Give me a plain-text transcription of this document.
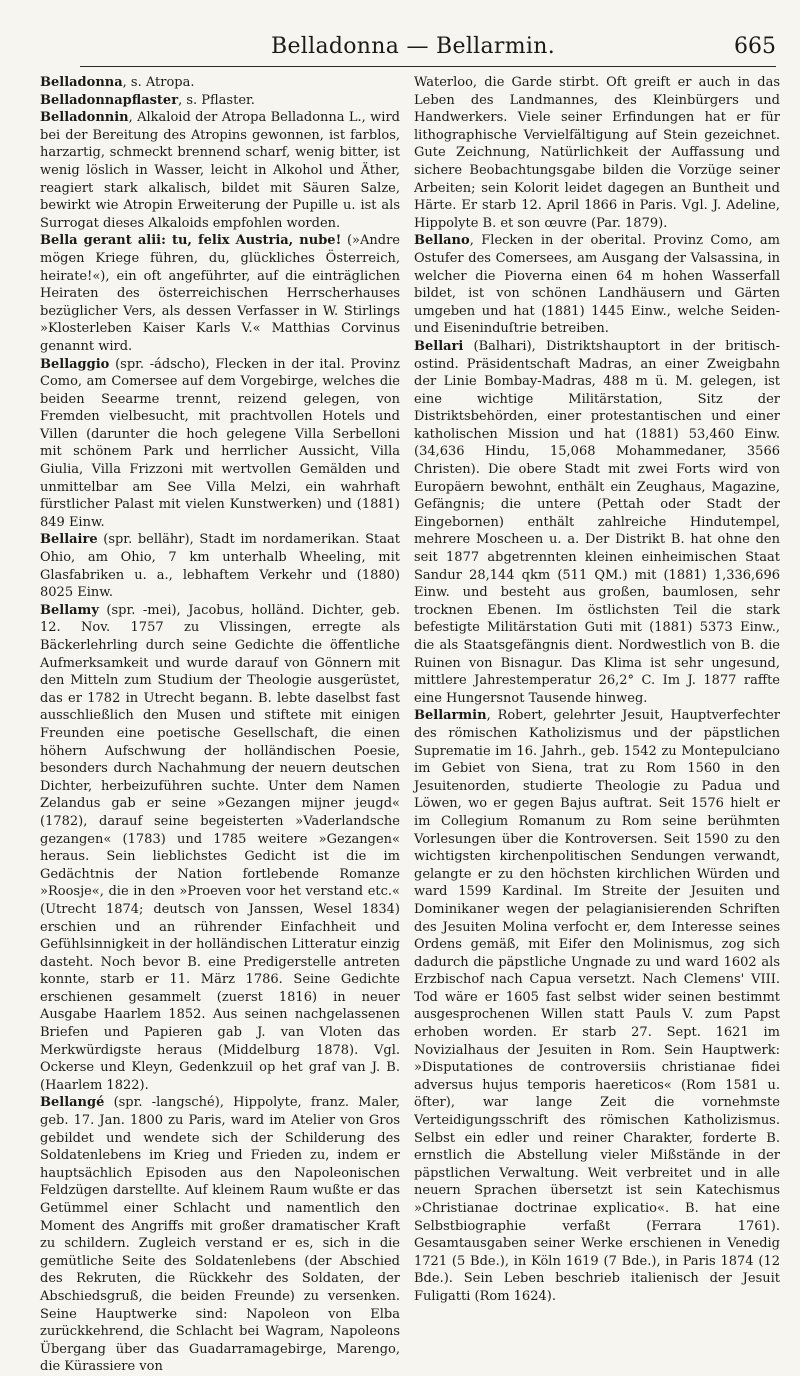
Belladonna — Bellarmin.	665

Belladonna, s. Atropa.

Belladonnapflaster, s. Pflaster.

Belladonnin, Alkaloid der Atropa Belladonna L., wird bei der Bereitung des Atropins gewonnen, ist farblos, harzartig, schmeckt brennend scharf, wenig bitter, ist wenig löslich in Wasser, leicht in Alkohol und Äther, reagiert stark alkalisch, bildet mit Säuren Salze, bewirkt wie Atropin Erweiterung der Pupille u. ist als Surrogat dieses Alkaloids empfohlen worden.

Bella gerant alii: tu, felix Austria, nube! (»Andre mögen Kriege führen, du, glückliches Österreich, heirate!«), ein oft angeführter, auf die einträglichen Heiraten des österreichischen Herrscherhauses bezüglicher Vers, als dessen Verfasser in W. Stirlings »Klosterleben Kaiser Karls V.« Matthias Corvinus genannt wird.

Bellaggio (spr. -ádscho), Flecken in der ital. Provinz Como, am Comersee auf dem Vorgebirge, welches die beiden Seearme trennt, reizend gelegen, von Fremden vielbesucht, mit prachtvollen Hotels und Villen (darunter die hoch gelegene Villa Serbelloni mit schönem Park und herrlicher Aussicht, Villa Giulia, Villa Frizzoni mit wertvollen Gemälden und unmittelbar am See Villa Melzi, ein wahrhaft fürstlicher Palast mit vielen Kunstwerken) und (1881) 849 Einw.

Bellaire (spr. bellähr), Stadt im nordamerikan. Staat Ohio, am Ohio, 7 km unterhalb Wheeling, mit Glasfabriken u. a., lebhaftem Verkehr und (1880) 8025 Einw.

Bellamy (spr. -mei), Jacobus, holländ. Dichter, geb. 12. Nov. 1757 zu Vlissingen, erregte als Bäckerlehrling durch seine Gedichte die öffentliche Aufmerksamkeit und wurde darauf von Gönnern mit den Mitteln zum Studium der Theologie ausgerüstet, das er 1782 in Utrecht begann. B. lebte daselbst fast ausschließlich den Musen und stiftete mit einigen Freunden eine poetische Gesellschaft, die einen höhern Aufschwung der holländischen Poesie, besonders durch Nachahmung der neuern deutschen Dichter, herbeizuführen suchte. Unter dem Namen Zelandus gab er seine »Gezangen mijner jeugd« (1782), darauf seine begeisterten »Vaderlandsche gezangen« (1783) und 1785 weitere »Gezangen« heraus. Sein lieblichstes Gedicht ist die im Gedächtnis der Nation fortlebende Romanze »Roosje«, die in den »Proeven voor het verstand etc.« (Utrecht 1874; deutsch von Janssen, Wesel 1834) erschien und an rührender Einfachheit und Gefühlsinnigkeit in der holländischen Litteratur einzig dasteht. Noch bevor B. eine Predigerstelle antreten konnte, starb er 11. März 1786. Seine Gedichte erschienen gesammelt (zuerst 1816) in neuer Ausgabe Haarlem 1852. Aus seinen nachgelassenen Briefen und Papieren gab J. van Vloten das Merkwürdigste heraus (Middelburg 1878). Vgl. Ockerse und Kleyn, Gedenkzuil op het graf van J. B. (Haarlem 1822).

Bellangé (spr. -langsché), Hippolyte, franz. Maler, geb. 17. Jan. 1800 zu Paris, ward im Atelier von Gros gebildet und wendete sich der Schilderung des Soldatenlebens im Krieg und Frieden zu, indem er hauptsächlich Episoden aus den Napoleonischen Feldzügen darstellte. Auf kleinem Raum wußte er das Getümmel einer Schlacht und namentlich den Moment des Angriffs mit großer dramatischer Kraft zu schildern. Zugleich verstand er es, sich in die gemütliche Seite des Soldatenlebens (der Abschied des Rekruten, die Rückkehr des Soldaten, der Abschiedsgruß, die beiden Freunde) zu versenken. Seine Hauptwerke sind: Napoleon von Elba zurückkehrend, die Schlacht bei Wagram, Napoleons Übergang über das Guadarramagebirge, Marengo, die Kürassiere von

Waterloo, die Garde stirbt. Oft greift er auch in das Leben des Landmannes, des Kleinbürgers und Handwerkers. Viele seiner Erfindungen hat er für lithographische Vervielfältigung auf Stein gezeichnet. Gute Zeichnung, Natürlichkeit der Auffassung und sichere Beobachtungsgabe bilden die Vorzüge seiner Arbeiten; sein Kolorit leidet dagegen an Buntheit und Härte. Er starb 12. April 1866 in Paris. Vgl. J. Adeline, Hippolyte B. et son œuvre (Par. 1879).

Bellano, Flecken in der oberital. Provinz Como, am Ostufer des Comersees, am Ausgang der Valsassina, in welcher die Pioverna einen 64 m hohen Wasserfall bildet, ist von schönen Landhäusern und Gärten umgeben und hat (1881) 1445 Einw., welche Seiden- und Eiseninduſtrie betreiben.

Bellari (Balhari), Distriktshauptort in der britisch-ostind. Präsidentschaft Madras, an einer Zweigbahn der Linie Bombay-Madras, 488 m ü. M. gelegen, ist eine wichtige Militärstation, Sitz der Distriktsbehörden, einer protestantischen und einer katholischen Mission und hat (1881) 53,460 Einw. (34,636 Hindu, 15,068 Mohammedaner, 3566 Christen). Die obere Stadt mit zwei Forts wird von Europäern bewohnt, enthält ein Zeughaus, Magazine, Gefängnis; die untere (Pettah oder Stadt der Eingebornen) enthält zahlreiche Hindutempel, mehrere Moscheen u. a. Der Distrikt B. hat ohne den seit 1877 abgetrennten kleinen einheimischen Staat Sandur 28,144 qkm (511 QM.) mit (1881) 1,336,696 Einw. und besteht aus großen, baumlosen, sehr trocknen Ebenen. Im östlichsten Teil die stark befestigte Militärstation Guti mit (1881) 5373 Einw., die als Staatsgefängnis dient. Nordwestlich von B. die Ruinen von Bisnagur. Das Klima ist sehr ungesund, mittlere Jahrestemperatur 26,2° C. Im J. 1877 raffte eine Hungersnot Tausende hinweg.

Bellarmin, Robert, gelehrter Jesuit, Hauptverfechter des römischen Katholizismus und der päpstlichen Suprematie im 16. Jahrh., geb. 1542 zu Montepulciano im Gebiet von Siena, trat zu Rom 1560 in den Jesuitenorden, studierte Theologie zu Padua und Löwen, wo er gegen Bajus auftrat. Seit 1576 hielt er im Collegium Romanum zu Rom seine berühmten Vorlesungen über die Kontroversen. Seit 1590 zu den wichtigsten kirchenpolitischen Sendungen verwandt, gelangte er zu den höchsten kirchlichen Würden und ward 1599 Kardinal. Im Streite der Jesuiten und Dominikaner wegen der pelagianisierenden Schriften des Jesuiten Molina verfocht er, dem Interesse seines Ordens gemäß, mit Eifer den Molinismus, zog sich dadurch die päpstliche Ungnade zu und ward 1602 als Erzbischof nach Capua versetzt. Nach Clemens' VIII. Tod wäre er 1605 fast selbst wider seinen bestimmt ausgesprochenen Willen statt Pauls V. zum Papst erhoben worden. Er starb 27. Sept. 1621 im Novizialhaus der Jesuiten in Rom. Sein Hauptwerk: »Disputationes de controversiis christianae fidei adversus hujus temporis haereticos« (Rom 1581 u. öfter), war lange Zeit die vornehmste Verteidigungsschrift des römischen Katholizismus. Selbst ein edler und reiner Charakter, forderte B. ernstlich die Abstellung vieler Mißstände in der päpstlichen Verwaltung. Weit verbreitet und in alle neuern Sprachen übersetzt ist sein Katechismus »Christianae doctrinae explicatio«. B. hat eine Selbstbiographie verfaßt (Ferrara 1761). Gesamtausgaben seiner Werke erschienen in Venedig 1721 (5 Bde.), in Köln 1619 (7 Bde.), in Paris 1874 (12 Bde.). Sein Leben beschrieb italienisch der Jesuit Fuligatti (Rom 1624).
